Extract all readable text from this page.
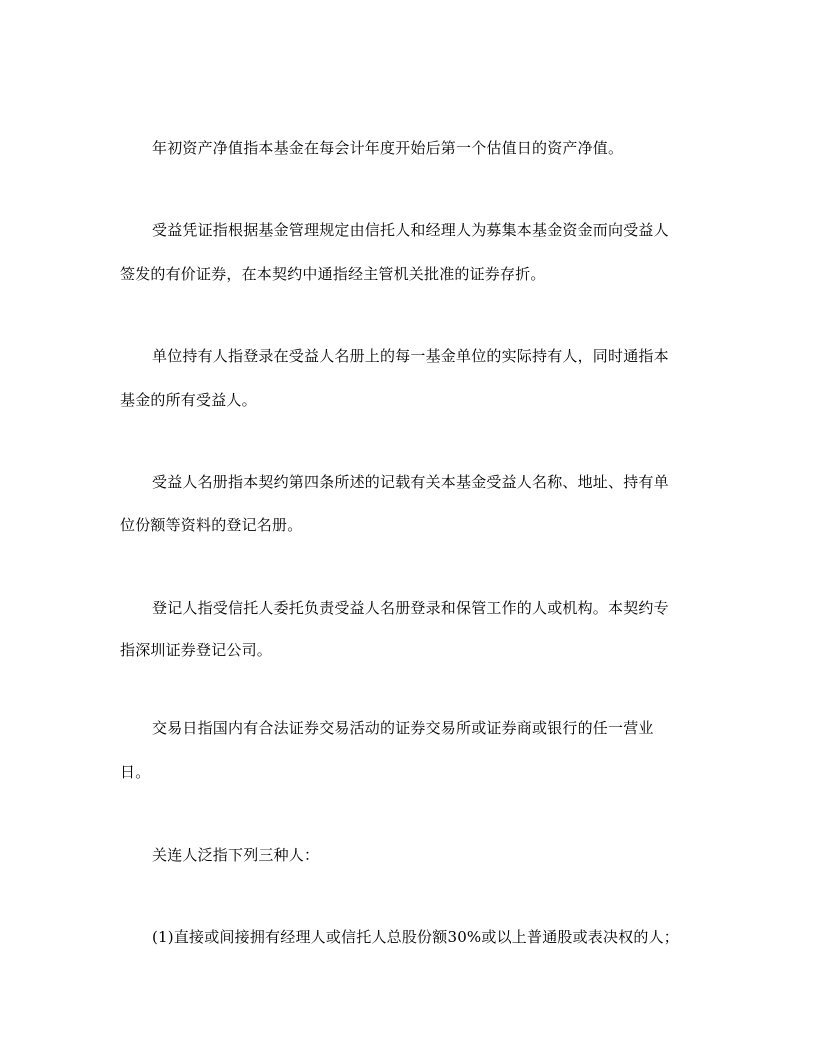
年初资产净值指本基金在每会计年度开始后第一个估值日的资产净值。
受益凭证指根据基金管理规定由信托人和经理人为募集本基金资金而向受益人
签发的有价证券，在本契约中通指经主管机关批准的证券存折。
单位持有人指登录在受益人名册上的每一基金单位的实际持有人，同时通指本
基金的所有受益人。
受益人名册指本契约第四条所述的记载有关本基金受益人名称、地址、持有单
位份额等资料的登记名册。
登记人指受信托人委托负责受益人名册登录和保管工作的人或机构。本契约专
指深圳证券登记公司。
交易日指国内有合法证券交易活动的证券交易所或证券商或银行的任一营业
日。
关连人泛指下列三种人：
(1)直接或间接拥有经理人或信托人总股份额30%或以上普通股或表决权的人；
